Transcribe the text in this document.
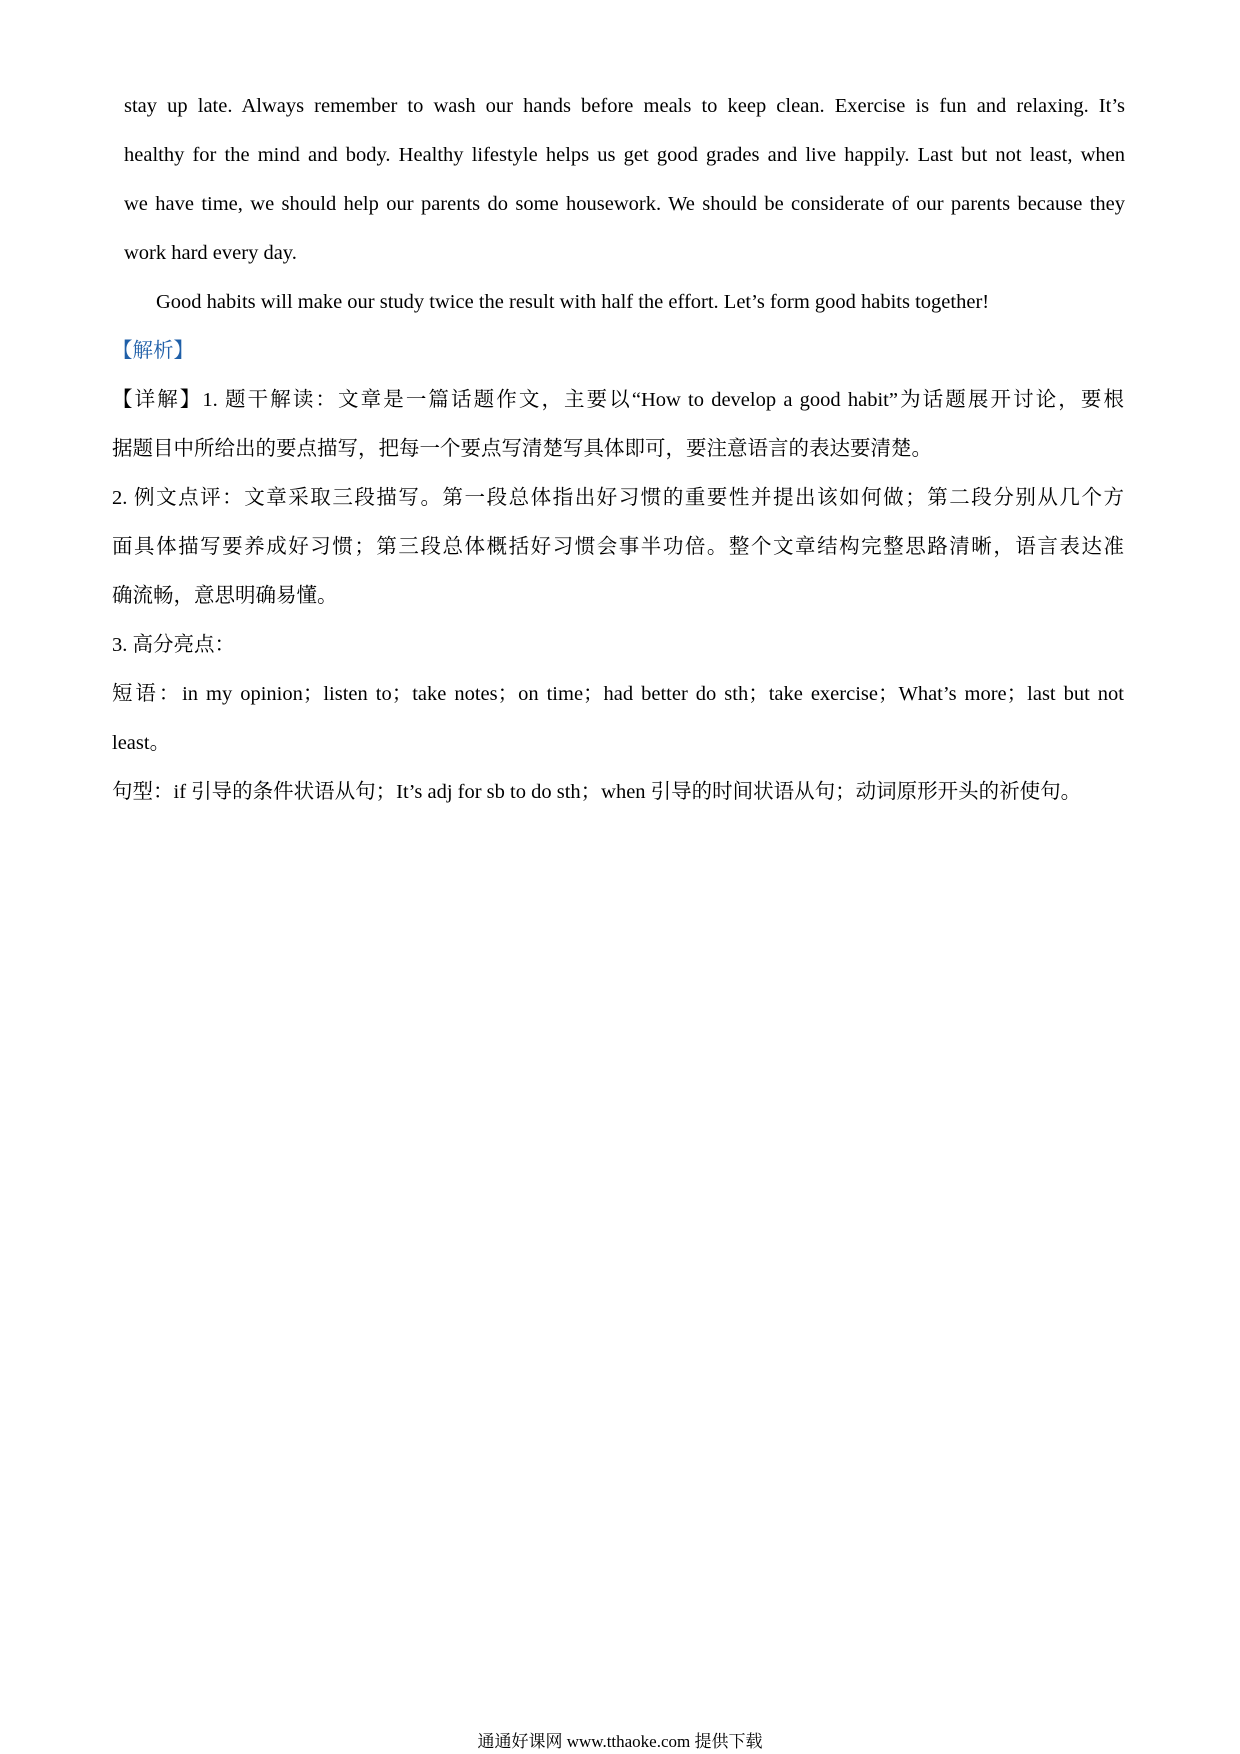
stay up late. Always remember to wash our hands before meals to keep clean. Exercise is fun and relaxing. It’s
healthy for the mind and body. Healthy lifestyle helps us get good grades and live happily. Last but not least, when
we have time, we should help our parents do some housework. We should be considerate of our parents because they
work hard every day.
Good habits will make our study twice the result with half the effort. Let’s form good habits together!
【解析】
【详解】1. 题干解读：文章是一篇话题作文，主要以“How to develop a good habit”为话题展开讨论，要根
据题目中所给出的要点描写，把每一个要点写清楚写具体即可，要注意语言的表达要清楚。
2. 例文点评：文章采取三段描写。第一段总体指出好习惯的重要性并提出该如何做；第二段分别从几个方
面具体描写要养成好习惯；第三段总体概括好习惯会事半功倍。整个文章结构完整思路清晰，语言表达准
确流畅，意思明确易懂。
3. 高分亮点：
短语：in my opinion；listen to；take notes；on time；had better do sth；take exercise；What’s more；last but not
least。
句型：if 引导的条件状语从句；It’s adj for sb to do sth；when 引导的时间状语从句；动词原形开头的祈使句。
通通好课网 www.tthaoke.com 提供下载
